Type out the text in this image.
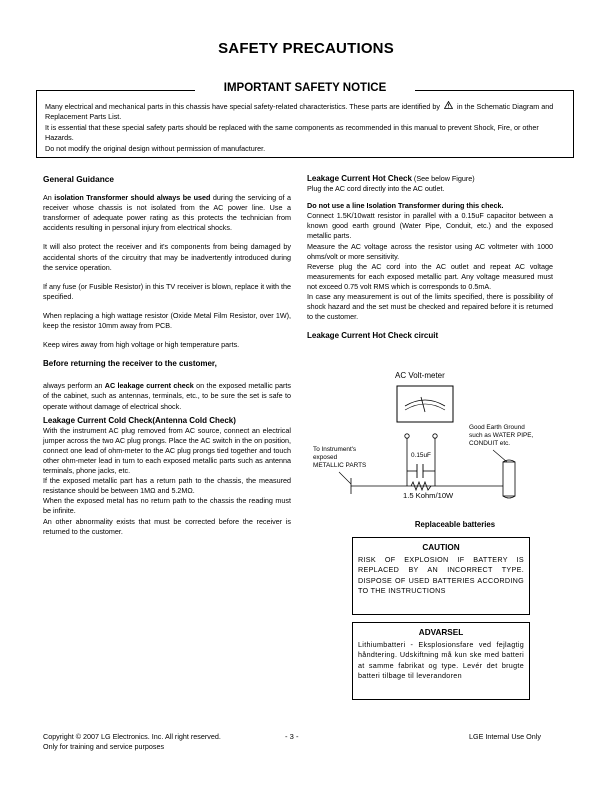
SAFETY PRECAUTIONS
Many electrical and mechanical parts in this chassis have special safety-related characteristics. These parts are identified by in the Schematic Diagram and Replacement Parts List.
It is essential that these special safety parts should be replaced with the same components as recommended in this manual to prevent Shock, Fire, or other Hazards.
Do not modify the original design without permission of manufacturer.
IMPORTANT SAFETY NOTICE
General Guidance

An isolation Transformer should always be used during the servicing of a receiver whose chassis is not isolated from the AC power line. Use a transformer of adequate power rating as this protects the technician from accidents resulting in personal injury from electrical shocks.

It will also protect the receiver and it's components from being damaged by accidental shorts of the circuitry that may be inadvertently introduced during the service operation.

If any fuse (or Fusible Resistor) in this TV receiver is blown, replace it with the specified.

When replacing a high wattage resistor (Oxide Metal Film Resistor, over 1W), keep the resistor 10mm away from PCB.

Keep wires away from high voltage or high temperature parts.

Before returning the receiver to the customer,

always perform an AC leakage current check on the exposed metallic parts of the cabinet, such as antennas, terminals, etc., to be sure the set is safe to operate without damage of electrical shock.

Leakage Current Cold Check(Antenna Cold Check)

With the instrument AC plug removed from AC source, connect an electrical jumper across the two AC plug prongs. Place the AC switch in the on position, connect one lead of ohm-meter to the AC plug prongs tied together and touch other ohm-meter lead in turn to each exposed metallic parts such as antenna terminals, phone jacks, etc.

If the exposed metallic part has a return path to the chassis, the measured resistance should be between 1MΩ and 5.2MΩ.

When the exposed metal has no return path to the chassis the reading must be infinite.

An other abnormality exists that must be corrected before the receiver is returned to the customer.

Leakage Current Hot Check (See below Figure)

Plug the AC cord directly into the AC outlet.

Do not use a line Isolation Transformer during this check.

Connect 1.5K/10watt resistor in parallel with a 0.15uF capacitor between a known good earth ground (Water Pipe, Conduit, etc.) and the exposed metallic parts.

Measure the AC voltage across the resistor using AC voltmeter with 1000 ohms/volt or more sensitivity.

Reverse plug the AC cord into the AC outlet and repeat AC voltage measurements for each exposed metallic part. Any voltage measured must not exceed 0.75 volt RMS which is corresponds to 0.5mA.

In case any measurement is out of the limits specified, there is possibility of shock hazard and the set must be checked and repaired before it is returned to the customer.

Leakage Current Hot Check circuit
AC Volt-meter
To Instrument's
exposed
METALLIC PARTS
Good Earth Ground
such as WATER PIPE,
CONDUIT etc.
0.15uF
1.5 Kohm/10W
Replaceable batteries
CAUTION
RISK OF EXPLOSION IF BATTERY IS REPLACED BY AN INCORRECT TYPE. DISPOSE OF USED BATTERIES ACCORDING TO THE INSTRUCTIONS
ADVARSEL
Lithiumbatteri - Eksplosionsfare ved fejlagtig håndtering. Udskiftning må kun ske med batteri at samme fabrikat og type. Levér det brugte batteri tilbage til leverandoren
Copyright © 2007 LG Electronics. Inc. All right reserved.
Only for training and service purposes
- 3 -	LGE Internal Use Only
